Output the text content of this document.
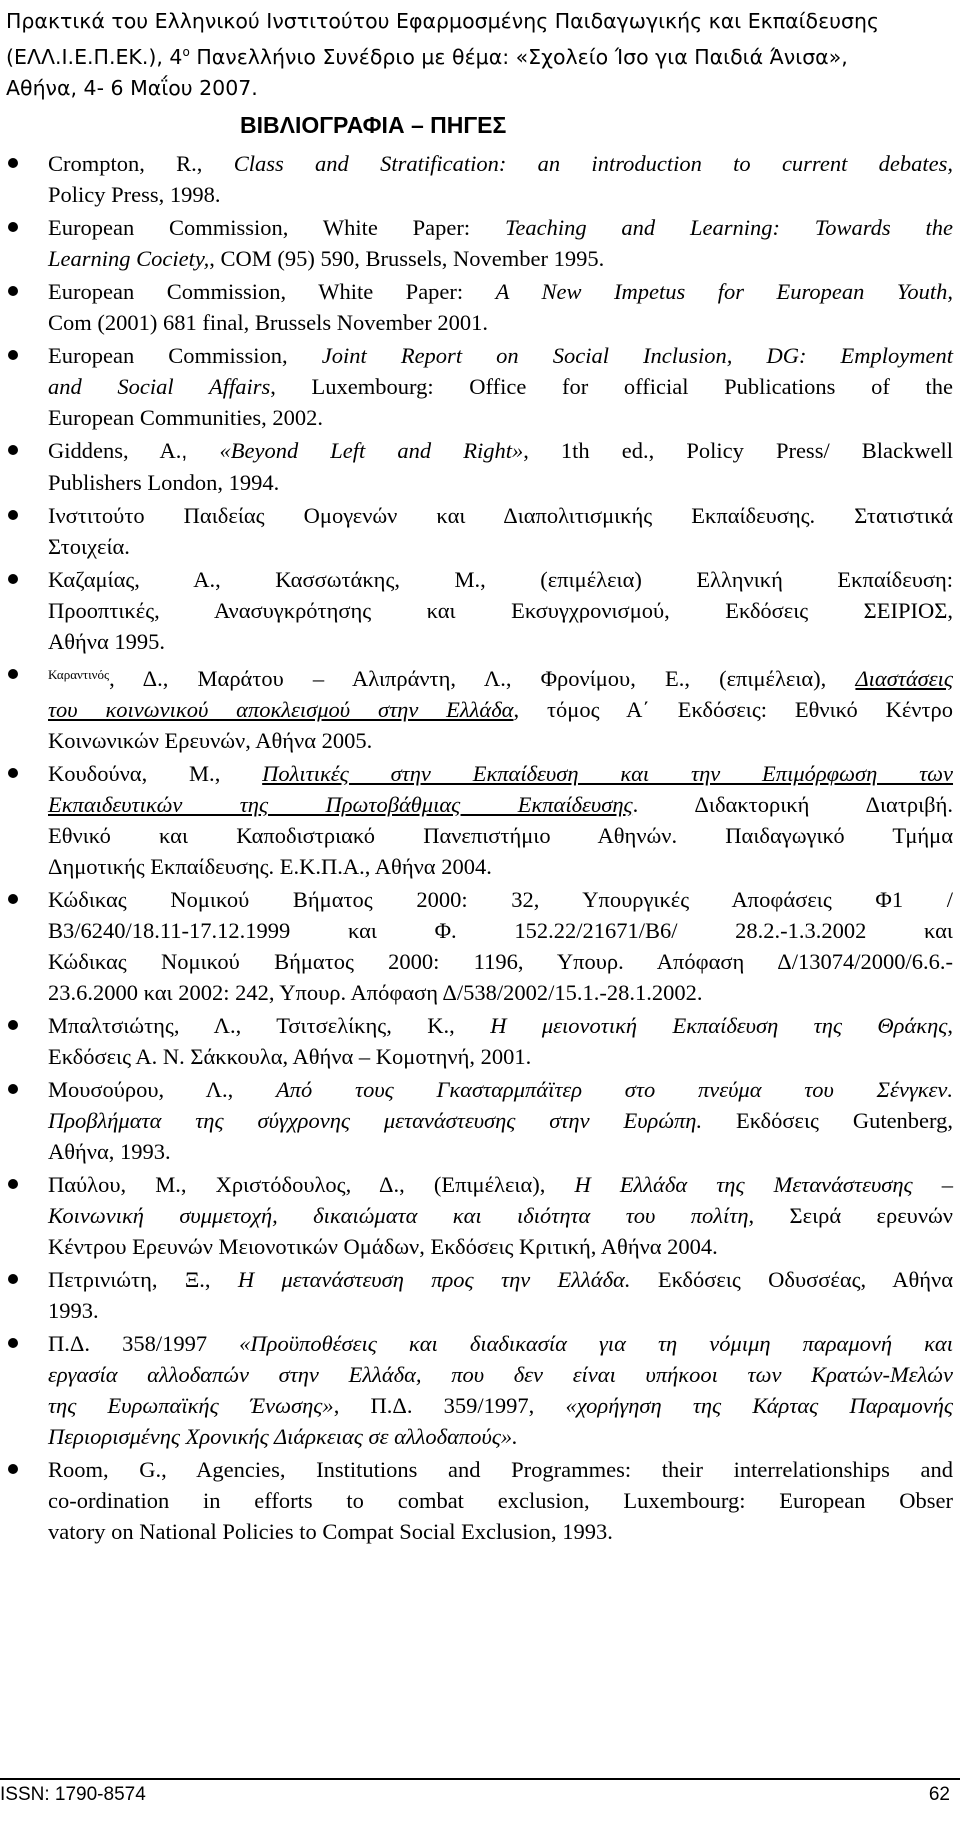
Πρακτικά του Ελληνικού Ινστιτούτου Εφαρμοσμένης Παιδαγωγικής και Εκπαίδευσης
(ΕΛΛ.Ι.Ε.Π.ΕΚ.), $4^o$ Πανελλήνιο Συνέδριο με θέμα: «Σχολείο Ίσο για Παιδιά Άνισα»,
Αθήνα, 4- 6 Μαΐου 2007.
ΒΙΒΛΙΟΓΡΑΦΙΑ – ΠΗΓΕΣ
Crompton, R., Class and Stratification: an introduction to current debates,
Policy Press, 1998.
European Commission, White Paper: Teaching and Learning: Towards the
Learning Cociety,, COM (95) 590, Brussels, November 1995.
European Commission, White Paper: A New Impetus for European Youth,
Com (2001) 681 final, Brussels November 2001.
European Commission, Joint Report on Social Inclusion, DG: Employment
and Social Affairs, Luxembourg: Office for official Publications of the
European Communities, 2002.
Giddens, A., «Beyond Left and Right», 1th ed., Policy Press/ Blackwell
Publishers London, 1994.
Ινστιτούτο Παιδείας Ομογενών και Διαπολιτισμικής Εκπαίδευσης. Στατιστικά
Στοιχεία.
Καζαμίας, Α., Κασσωτάκης, Μ., (επιμέλεια) Ελληνική Εκπαίδευση:
Προοπτικές, Ανασυγκρότησης και Εκσυγχρονισμού, Εκδόσεις ΣΕΙΡΙΟΣ,
Αθήνα 1995.
$^{K\alpha\rho\alpha\nu\tau\iota\nu ό\varsigma}$, Δ., Μαράτου – Αλιπράντη, Λ., Φρονίμου, Ε., (επιμέλεια), Διαστάσεις
του κοινωνικού αποκλεισμού στην Ελλάδα, τόμος Α΄ Εκδόσεις: Εθνικό Κέντρο
Κοινωνικών Ερευνών, Αθήνα 2005.
Κουδούνα, Μ., Πολιτικές στην Εκπαίδευση και την Επιμόρφωση των
Εκπαιδευτικών της Πρωτοβάθμιας Εκπαίδευσης. Διδακτορική Διατριβή.
Εθνικό και Καποδιστριακό Πανεπιστήμιο Αθηνών. Παιδαγωγικό Τμήμα
Δημοτικής Εκπαίδευσης. Ε.Κ.Π.Α., Αθήνα 2004.
Κώδικας Νομικού Βήματος 2000: 32, Υπουργικές Αποφάσεις Φ1 /
Β3/6240/18.11-17.12.1999 και Φ. 152.22/21671/Β6/ 28.2.-1.3.2002 και
Κώδικας Νομικού Βήματος 2000: 1196, Υπουρ. Απόφαση Δ/13074/2000/6.6.-
23.6.2000 και 2002: 242, Υπουρ. Απόφαση Δ/538/2002/15.1.-28.1.2002.
Μπαλτσιώτης, Λ., Τσιτσελίκης, Κ., Η μειονοτική Εκπαίδευση της Θράκης,
Εκδόσεις Α. Ν. Σάκκουλα, Αθήνα – Κομοτηνή, 2001.
Μουσούρου, Λ., Από τους Γκασταρμπάϊτερ στο πνεύμα του Σένγκεν.
Προβλήματα της σύγχρονης μετανάστευσης στην Ευρώπη. Εκδόσεις Gutenberg,
Αθήνα, 1993.
Παύλου, Μ., Χριστόδουλος, Δ., (Επιμέλεια), Η Ελλάδα της Μετανάστευσης –
Κοινωνική συμμετοχή, δικαιώματα και ιδιότητα του πολίτη, Σειρά ερευνών
Κέντρου Ερευνών Μειονοτικών Ομάδων, Εκδόσεις Κριτική, Αθήνα 2004.
Πετρινιώτη, Ξ., Η μετανάστευση προς την Ελλάδα. Εκδόσεις Οδυσσέας, Αθήνα
1993.
Π.Δ. 358/1997 «Προϋποθέσεις και διαδικασία για τη νόμιμη παραμονή και
εργασία αλλοδαπών στην Ελλάδα, που δεν είναι υπήκοοι των Κρατών-Μελών
της Ευρωπαϊκής Ένωσης», Π.Δ. 359/1997, «χορήγηση της Κάρτας Παραμονής
Περιορισμένης Χρονικής Διάρκειας σε αλλοδαπούς».
Room, G., Agencies, Institutions and Programmes: their interrelationships and
co-ordination in efforts to combat exclusion, Luxembourg: European Obser
vatory on National Policies to Compat Social Exclusion, 1993.
ISSN: 1790-8574	62
